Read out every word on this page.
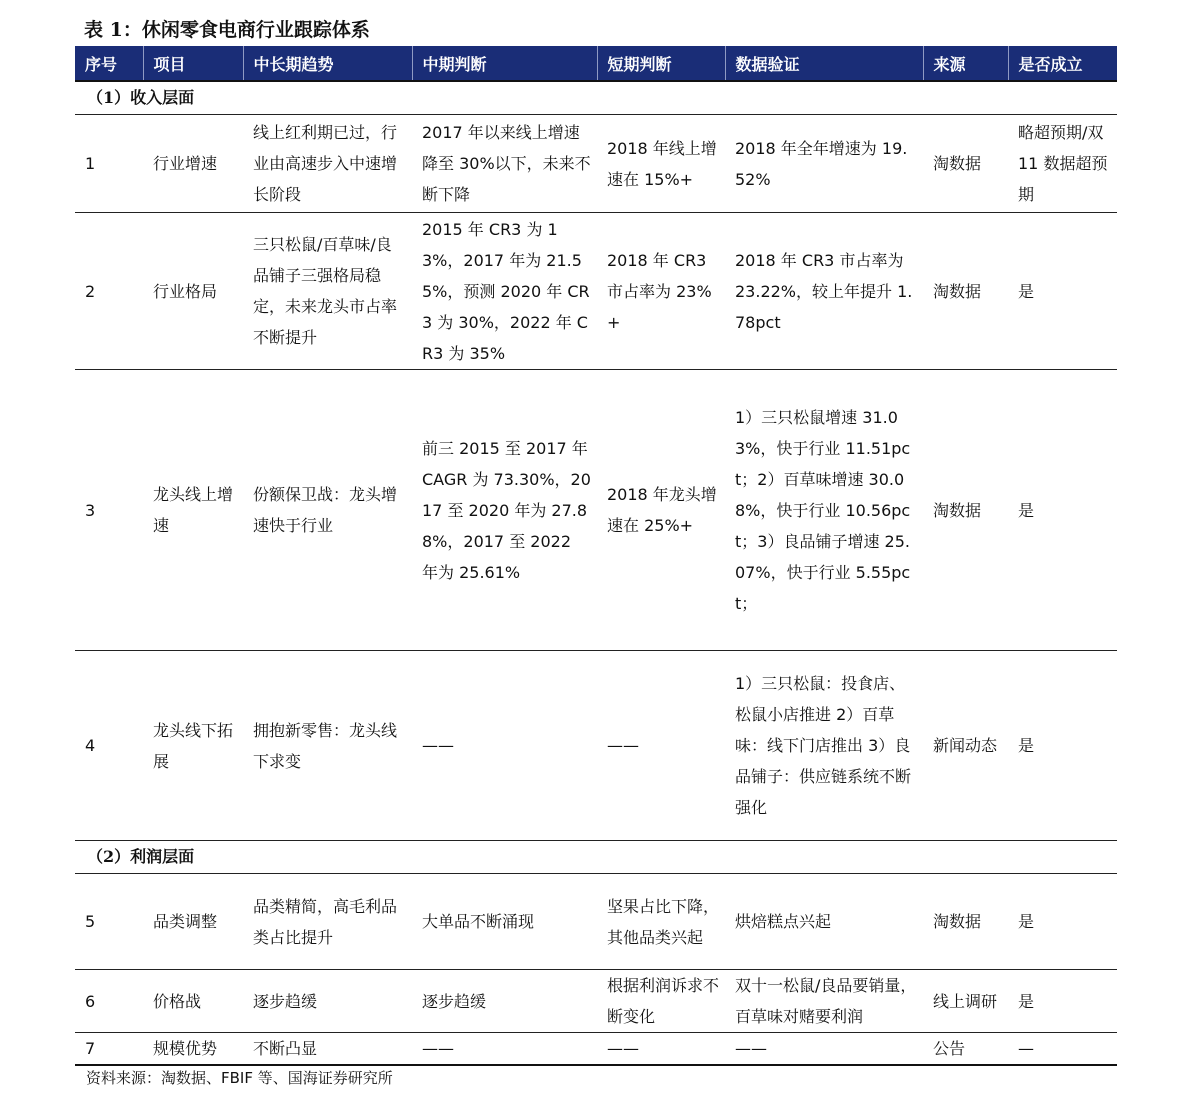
表 1：休闲零食电商行业跟踪体系
序号	项目	中长期趋势	中期判断	短期判断	数据验证	来源	是否成立
（1）收入层面							
1	行业增速	线上红利期已过，行业由高速步入中速增长阶段	2017 年以来线上增速降至 30%以下，未来不断下降	2018 年线上增速在 15%+	2018 年全年增速为 19.52%	淘数据	略超预期/双 11 数据超预期
2	行业格局	三只松鼠/百草味/良品铺子三强格局稳定，未来龙头市占率不断提升	2015 年 CR3 为 13%，2017 年为 21.55%，预测 2020 年 CR3 为 30%，2022 年 CR3 为 35%	2018 年 CR3 市占率为 23%+	2018 年 CR3 市占率为 23.22%，较上年提升 1. 78pct	淘数据	是
3	龙头线上增速	份额保卫战：龙头增速快于行业	前三 2015 至 2017 年 CAGR 为 73.30%，2017 至 2020 年为 27.88%，2017 至 2022 年为 25.61%	2018 年龙头增速在 25%+	1）三只松鼠增速 31.03%，快于行业 11.51pct；2）百草味增速 30.08%，快于行业 10.56pct；3）良品铺子增速 25.07%，快于行业 5.55pct；	淘数据	是
4	龙头线下拓展	拥抱新零售：龙头线下求变	——	——	1）三只松鼠：投食店、松鼠小店推进 2）百草味：线下门店推出 3）良品铺子：供应链系统不断强化	新闻动态	是
（2）利润层面							
5	品类调整	品类精简，高毛利品类占比提升	大单品不断涌现	坚果占比下降，其他品类兴起	烘焙糕点兴起	淘数据	是
6	价格战	逐步趋缓	逐步趋缓	根据利润诉求不断变化	双十一松鼠/良品要销量，百草味对赌要利润	线上调研	是
7	规模优势	不断凸显	——	——	——	公告	—
资料来源：淘数据、FBIF 等、国海证券研究所
